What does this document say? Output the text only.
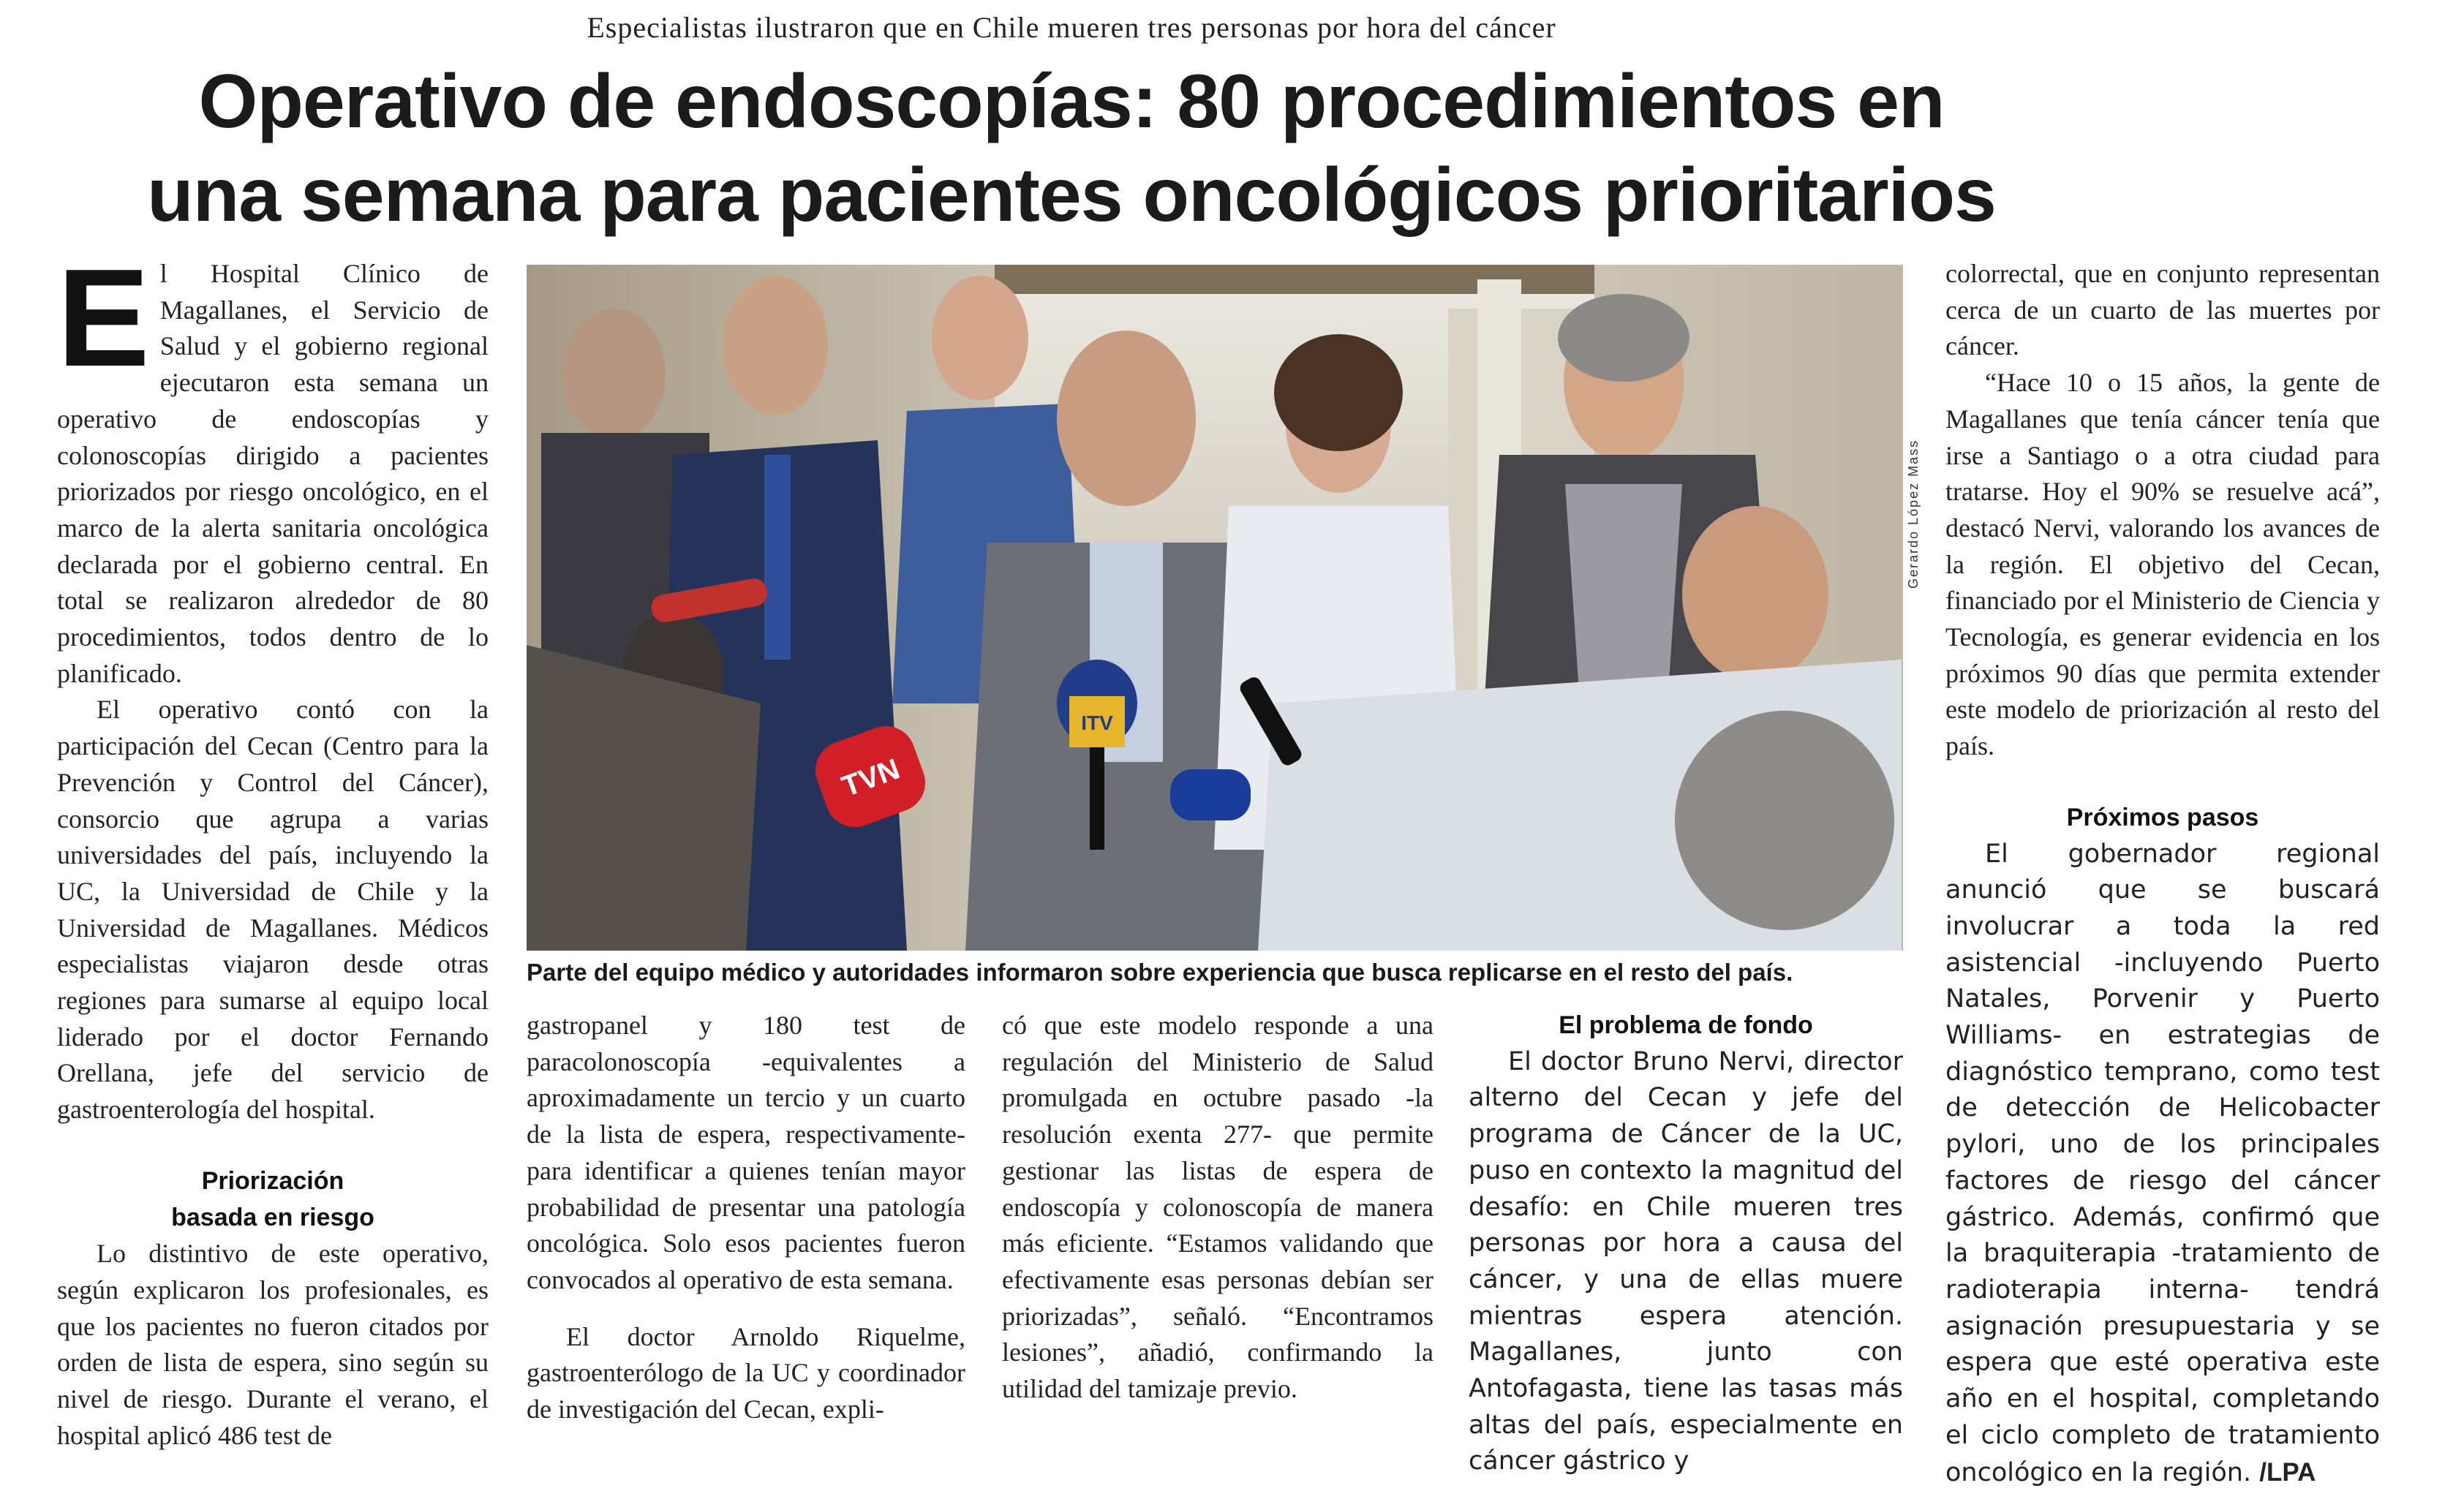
Especialistas ilustraron que en Chile mueren tres personas por hora del cáncer
Operativo de endoscopías: 80 procedimientos en
una semana para pacientes oncológicos prioritarios

El Hospital Clínico de Magallanes, el Servicio de Salud y el gobierno regional ejecutaron esta semana un operativo de endoscopías y colonoscopías dirigido a pacientes priorizados por riesgo oncológico, en el marco de la alerta sanitaria oncológica declarada por el gobierno central. En total se realizaron alrededor de 80 procedimientos, todos dentro de lo planificado.

El operativo contó con la participación del Cecan (Centro para la Prevención y Control del Cáncer), consorcio que agrupa a varias universidades del país, incluyendo la UC, la Universidad de Chile y la Universidad de Magallanes. Médicos especialistas viajaron desde otras regiones para sumarse al equipo local liderado por el doctor Fernando Orellana, jefe del servicio de gastroenterología del hospital.

Priorización
basada en riesgo

Lo distintivo de este operativo, según explicaron los profesionales, es que los pacientes no fueron citados por orden de lista de espera, sino según su nivel de riesgo. Durante el verano, el hospital aplicó 486 test de

TVN
ITV
Gerardo López Mass
Parte del equipo médico y autoridades informaron sobre experiencia que busca replicarse en el resto del país.

gastropanel y 180 test de paracolonoscopía -equivalentes a aproximadamente un tercio y un cuarto de la lista de espera, respectivamente- para identificar a quienes tenían mayor probabilidad de presentar una patología oncológica. Solo esos pacientes fueron convocados al operativo de esta semana.

El doctor Arnoldo Riquelme, gastroenterólogo de la UC y coordinador de investigación del Cecan, expli-

có que este modelo responde a una regulación del Ministerio de Salud promulgada en octubre pasado -la resolución exenta 277- que permite gestionar las listas de espera de endoscopía y colonoscopía de manera más eficiente. “Estamos validando que efectivamente esas personas debían ser priorizadas”, señaló. “Encontramos lesiones”, añadió, confirmando la utilidad del tamizaje previo.

El problema de fondo

El doctor Bruno Nervi, director alterno del Cecan y jefe del programa de Cáncer de la UC, puso en contexto la magnitud del desafío: en Chile mueren tres personas por hora a causa del cáncer, y una de ellas muere mientras espera atención. Magallanes, junto con Antofagasta, tiene las tasas más altas del país, especialmente en cáncer gástrico y

colorrectal, que en conjunto representan cerca de un cuarto de las muertes por cáncer.

“Hace 10 o 15 años, la gente de Magallanes que tenía cáncer tenía que irse a Santiago o a otra ciudad para tratarse. Hoy el 90% se resuelve acá”, destacó Nervi, valorando los avances de la región. El objetivo del Cecan, financiado por el Ministerio de Ciencia y Tecnología, es generar evidencia en los próximos 90 días que permita extender este modelo de priorización al resto del país.

Próximos pasos

El gobernador regional anunció que se buscará involucrar a toda la red asistencial -incluyendo Puerto Natales, Porvenir y Puerto Williams- en estrategias de diagnóstico temprano, como test de detección de Helicobacter pylori, uno de los principales factores de riesgo del cáncer gástrico. Además, confirmó que la braquiterapia -tratamiento de radioterapia interna- tendrá asignación presupuestaria y se espera que esté operativa este año en el hospital, completando el ciclo completo de tratamiento oncológico en la región. /LPA
